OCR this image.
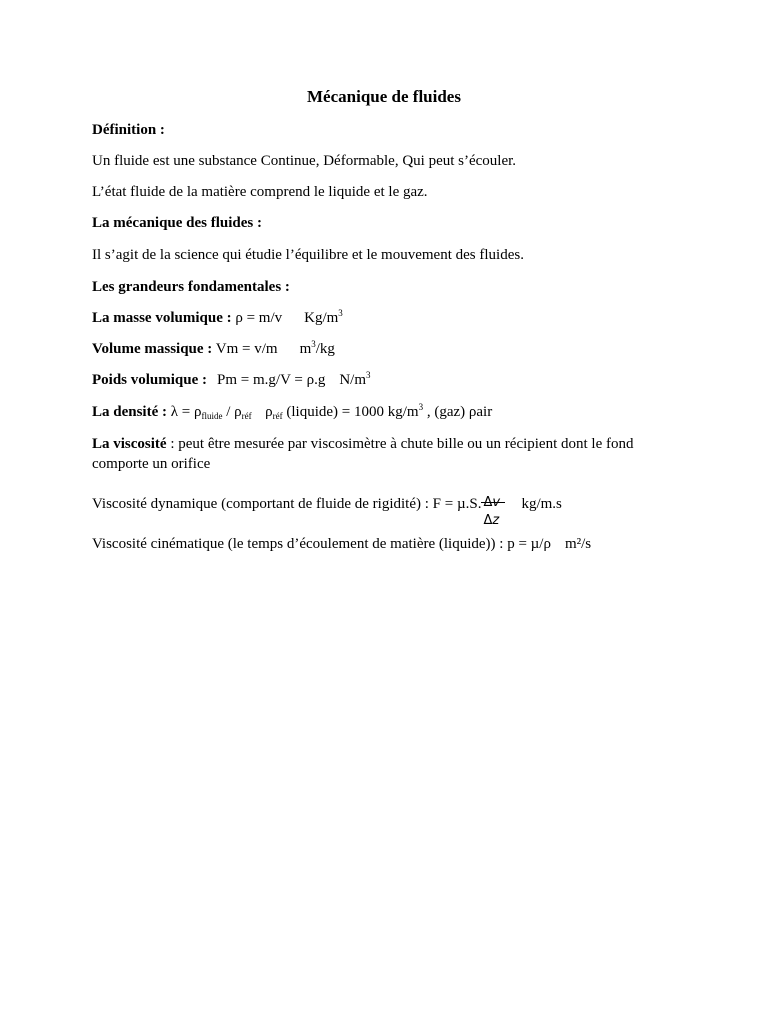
Mécanique de fluides
Définition :
Un fluide est une substance Continue, Déformable, Qui peut s’écouler.
L’état fluide de la matière comprend le liquide et le gaz.
La mécanique des fluides :
Il s’agit de la science qui étudie l’équilibre et le mouvement des fluides.
Les grandeurs fondamentales :
La masse volumique : ρ = m/v $Kg/m^3$
Volume massique : Vm = v/m $m^3/kg$
Poids volumique : Pm = m.g/V = ρ.g $N/m^3$
La densité : $\lambda = \rho_{fluide} / \rho_{réf}$ $\rho_{réf}$ (liquide) = 1000 $kg/m^3$ , (gaz) ρair
La viscosité : peut être mesurée par viscosimètre à chute bille ou un récipient dont le fond
comporte un orifice
Viscosité dynamique (comportant de fluide de rigidité) : F = µ.S.
Δz
kg/m.s
Viscosité cinématique (le temps d’écoulement de matière (liquide)) : p = µ/ρ m²/s
